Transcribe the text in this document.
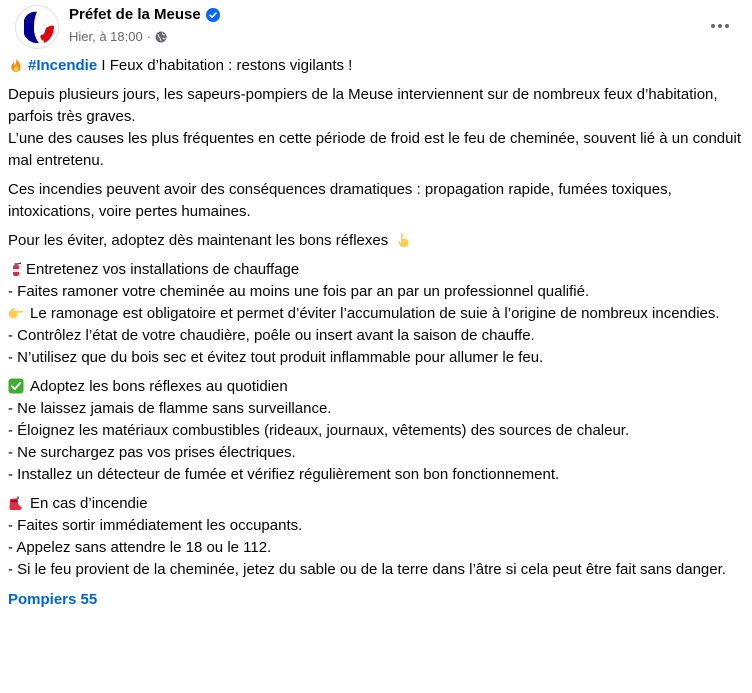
Préfet de la Meuse
Hier, à 18:00 ·
#Incendie I Feux d’habitation : restons vigilants !
Depuis plusieurs jours, les sapeurs-pompiers de la Meuse interviennent sur de nombreux feux d’habitation, parfois très graves.
L’une des causes les plus fréquentes en cette période de froid est le feu de cheminée, souvent lié à un conduit mal entretenu.
Ces incendies peuvent avoir des conséquences dramatiques : propagation rapide, fumées toxiques, intoxications, voire pertes humaines.
Pour les éviter, adoptez dès maintenant les bons réflexes
Entretenez vos installations de chauffage
- Faites ramoner votre cheminée au moins une fois par an par un professionnel qualifié.
Le ramonage est obligatoire et permet d’éviter l’accumulation de suie à l’origine de nombreux incendies.
- Contrôlez l’état de votre chaudière, poêle ou insert avant la saison de chauffe.
- N’utilisez que du bois sec et évitez tout produit inflammable pour allumer le feu.
Adoptez les bons réflexes au quotidien
- Ne laissez jamais de flamme sans surveillance.
- Éloignez les matériaux combustibles (rideaux, journaux, vêtements) des sources de chaleur.
- Ne surchargez pas vos prises électriques.
- Installez un détecteur de fumée et vérifiez régulièrement son bon fonctionnement.
En cas d’incendie
- Faites sortir immédiatement les occupants.
- Appelez sans attendre le 18 ou le 112.
- Si le feu provient de la cheminée, jetez du sable ou de la terre dans l’âtre si cela peut être fait sans danger.
Pompiers 55
